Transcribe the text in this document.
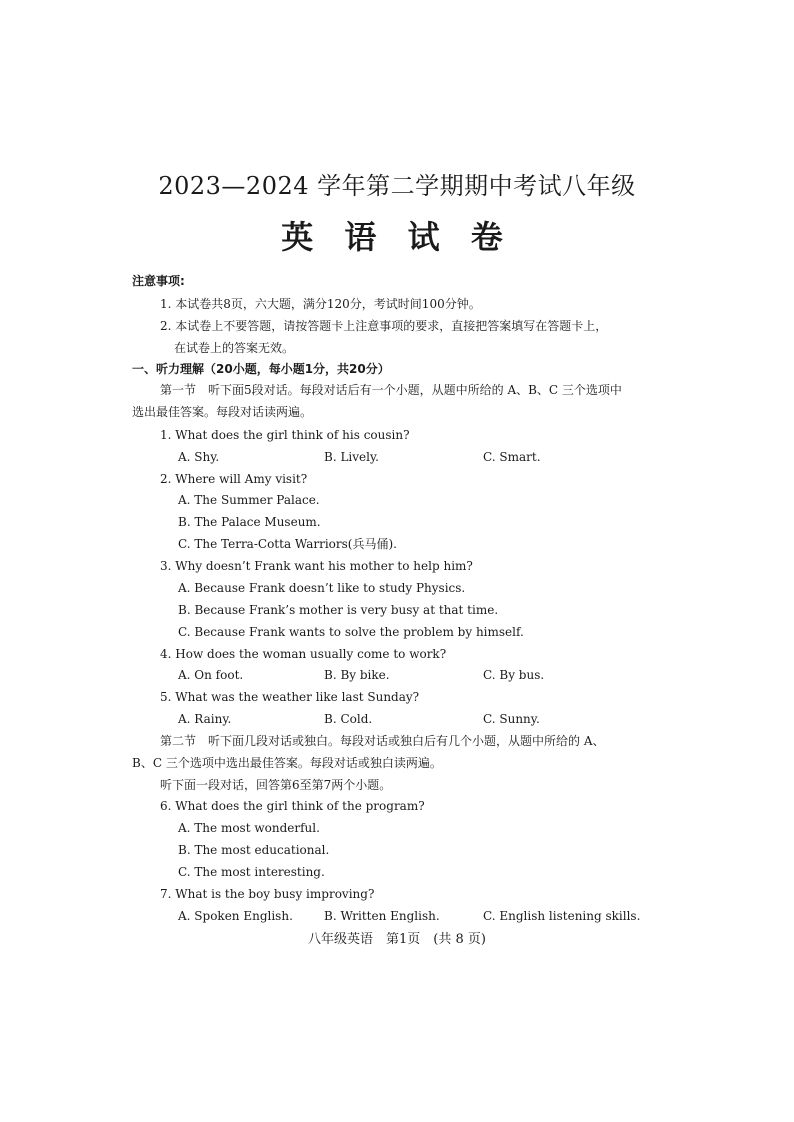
2023—2024 学年第二学期期中考试八年级
英 语 试 卷
注意事项:
1. 本试卷共8页，六大题，满分120分，考试时间100分钟。
2. 本试卷上不要答题，请按答题卡上注意事项的要求，直接把答案填写在答题卡上，
在试卷上的答案无效。
一、听力理解（20小题，每小题1分，共20分）
第一节　听下面5段对话。每段对话后有一个小题，从题中所给的 A、B、C 三个选项中
选出最佳答案。每段对话读两遍。
1. What does the girl think of his cousin?
A. Shy.	B. Lively.	C. Smart.
2. Where will Amy visit?
A. The Summer Palace.
B. The Palace Museum.
C. The Terra-Cotta Warriors(兵马俑).
3. Why doesn’t Frank want his mother to help him?
A. Because Frank doesn’t like to study Physics.
B. Because Frank’s mother is very busy at that time.
C. Because Frank wants to solve the problem by himself.
4. How does the woman usually come to work?
A. On foot.	B. By bike.	C. By bus.
5. What was the weather like last Sunday?
A. Rainy.	B. Cold.	C. Sunny.
第二节　听下面几段对话或独白。每段对话或独白后有几个小题，从题中所给的 A、
B、C 三个选项中选出最佳答案。每段对话或独白读两遍。
听下面一段对话，回答第6至第7两个小题。
6. What does the girl think of the program?
A. The most wonderful.
B. The most educational.
C. The most interesting.
7. What is the boy busy improving?
A. Spoken English.	B. Written English.	C. English listening skills.
八年级英语　第1页　(共 8 页)
